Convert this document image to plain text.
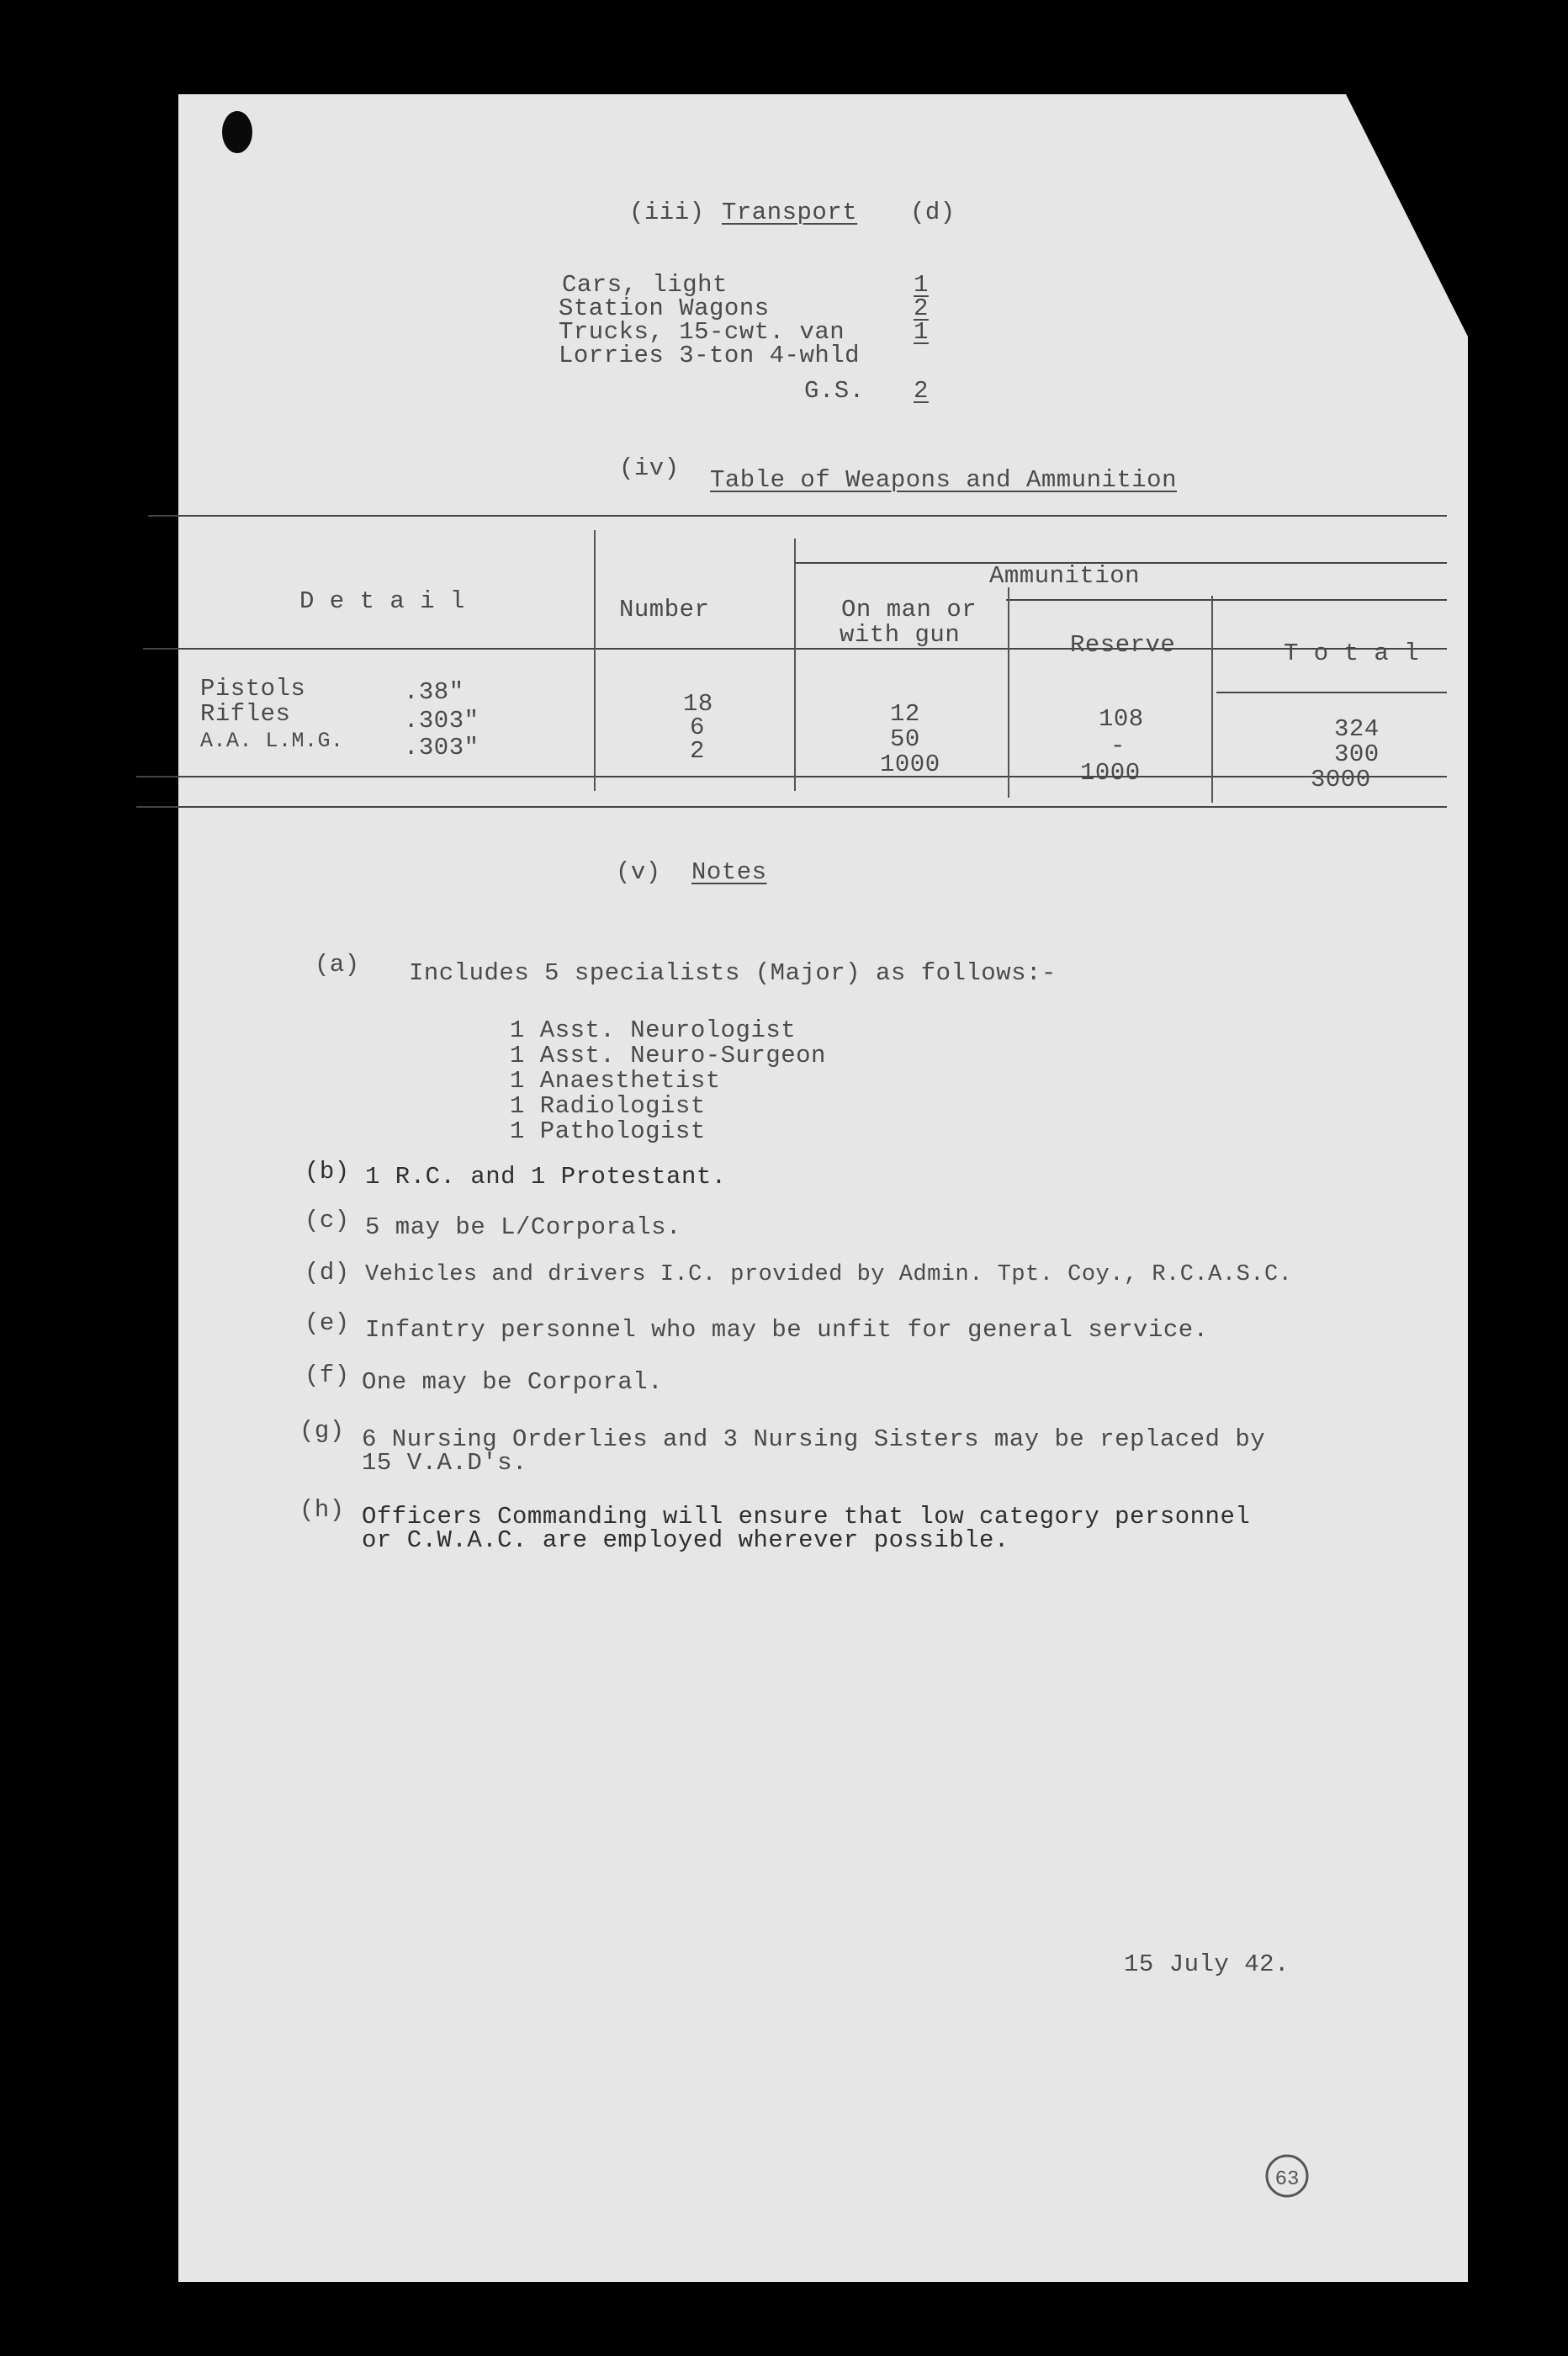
63
(iii) Transport (d)
Cars, light	1
Station Wagons	2
Trucks, 15-cwt. van	1
Lorries 3-ton 4-whld
G.S. 2
(iv) Table of Weapons and Ammunition
D e t a i l	Number
Ammunition
On man or
with gun	Reserve	T o t a l
Pistols	.38"	18	12	108	324
Rifles	.303"	6	50	-	300
A.A. L.M.G. .303"	2	1000	1000	3000
(v) Notes
(a) Includes 5 specialists (Major) as follows:-
1 Asst. Neurologist
1 Asst. Neuro-Surgeon
1 Anaesthetist
1 Radiologist
1 Pathologist
(b) 1 R.C. and 1 Protestant.
(c) 5 may be L/Corporals.
(d) Vehicles and drivers I.C. provided by Admin. Tpt. Coy., R.C.A.S.C.
(e) Infantry personnel who may be unfit for general service.
(f) One may be Corporal.
(g) 6 Nursing Orderlies and 3 Nursing Sisters may be replaced by
15 V.A.D's.
(h) Officers Commanding will ensure that low category personnel
or C.W.A.C. are employed wherever possible.
15 July 42.
